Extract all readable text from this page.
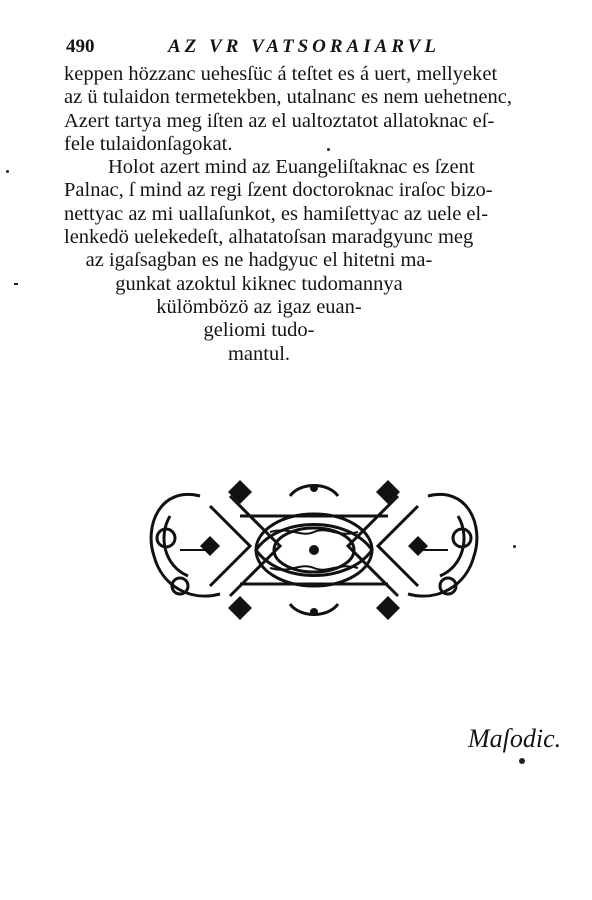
490	AZ VR VATSORAIARVL
keppen hözzanc uehesſüc á teſtet es á uert, mellyeket
az ü tulaidon termetekben, utalnanc es nem uehetnenc,
Azert tartya meg iſten az el ualtoztatot allatoknac eſ-
fele tulaidonſagokat.
Holot azert mind az Euangeliſtaknac es ſzent
Palnac, ſ mind az regi ſzent doctoroknac iraſoc bizo-
nettyac az mi uallaſunkot, es hamiſettyac az uele el-
lenkedö uelekedeſt, alhatatoſsan maradgyunc meg
az igaſsagban es ne hadgyuc el hitetni ma-
gunkat azoktul kiknec tudomannya
külömbözö az igaz euan-
geliomi tudo-
mantul.
Maſodic.
